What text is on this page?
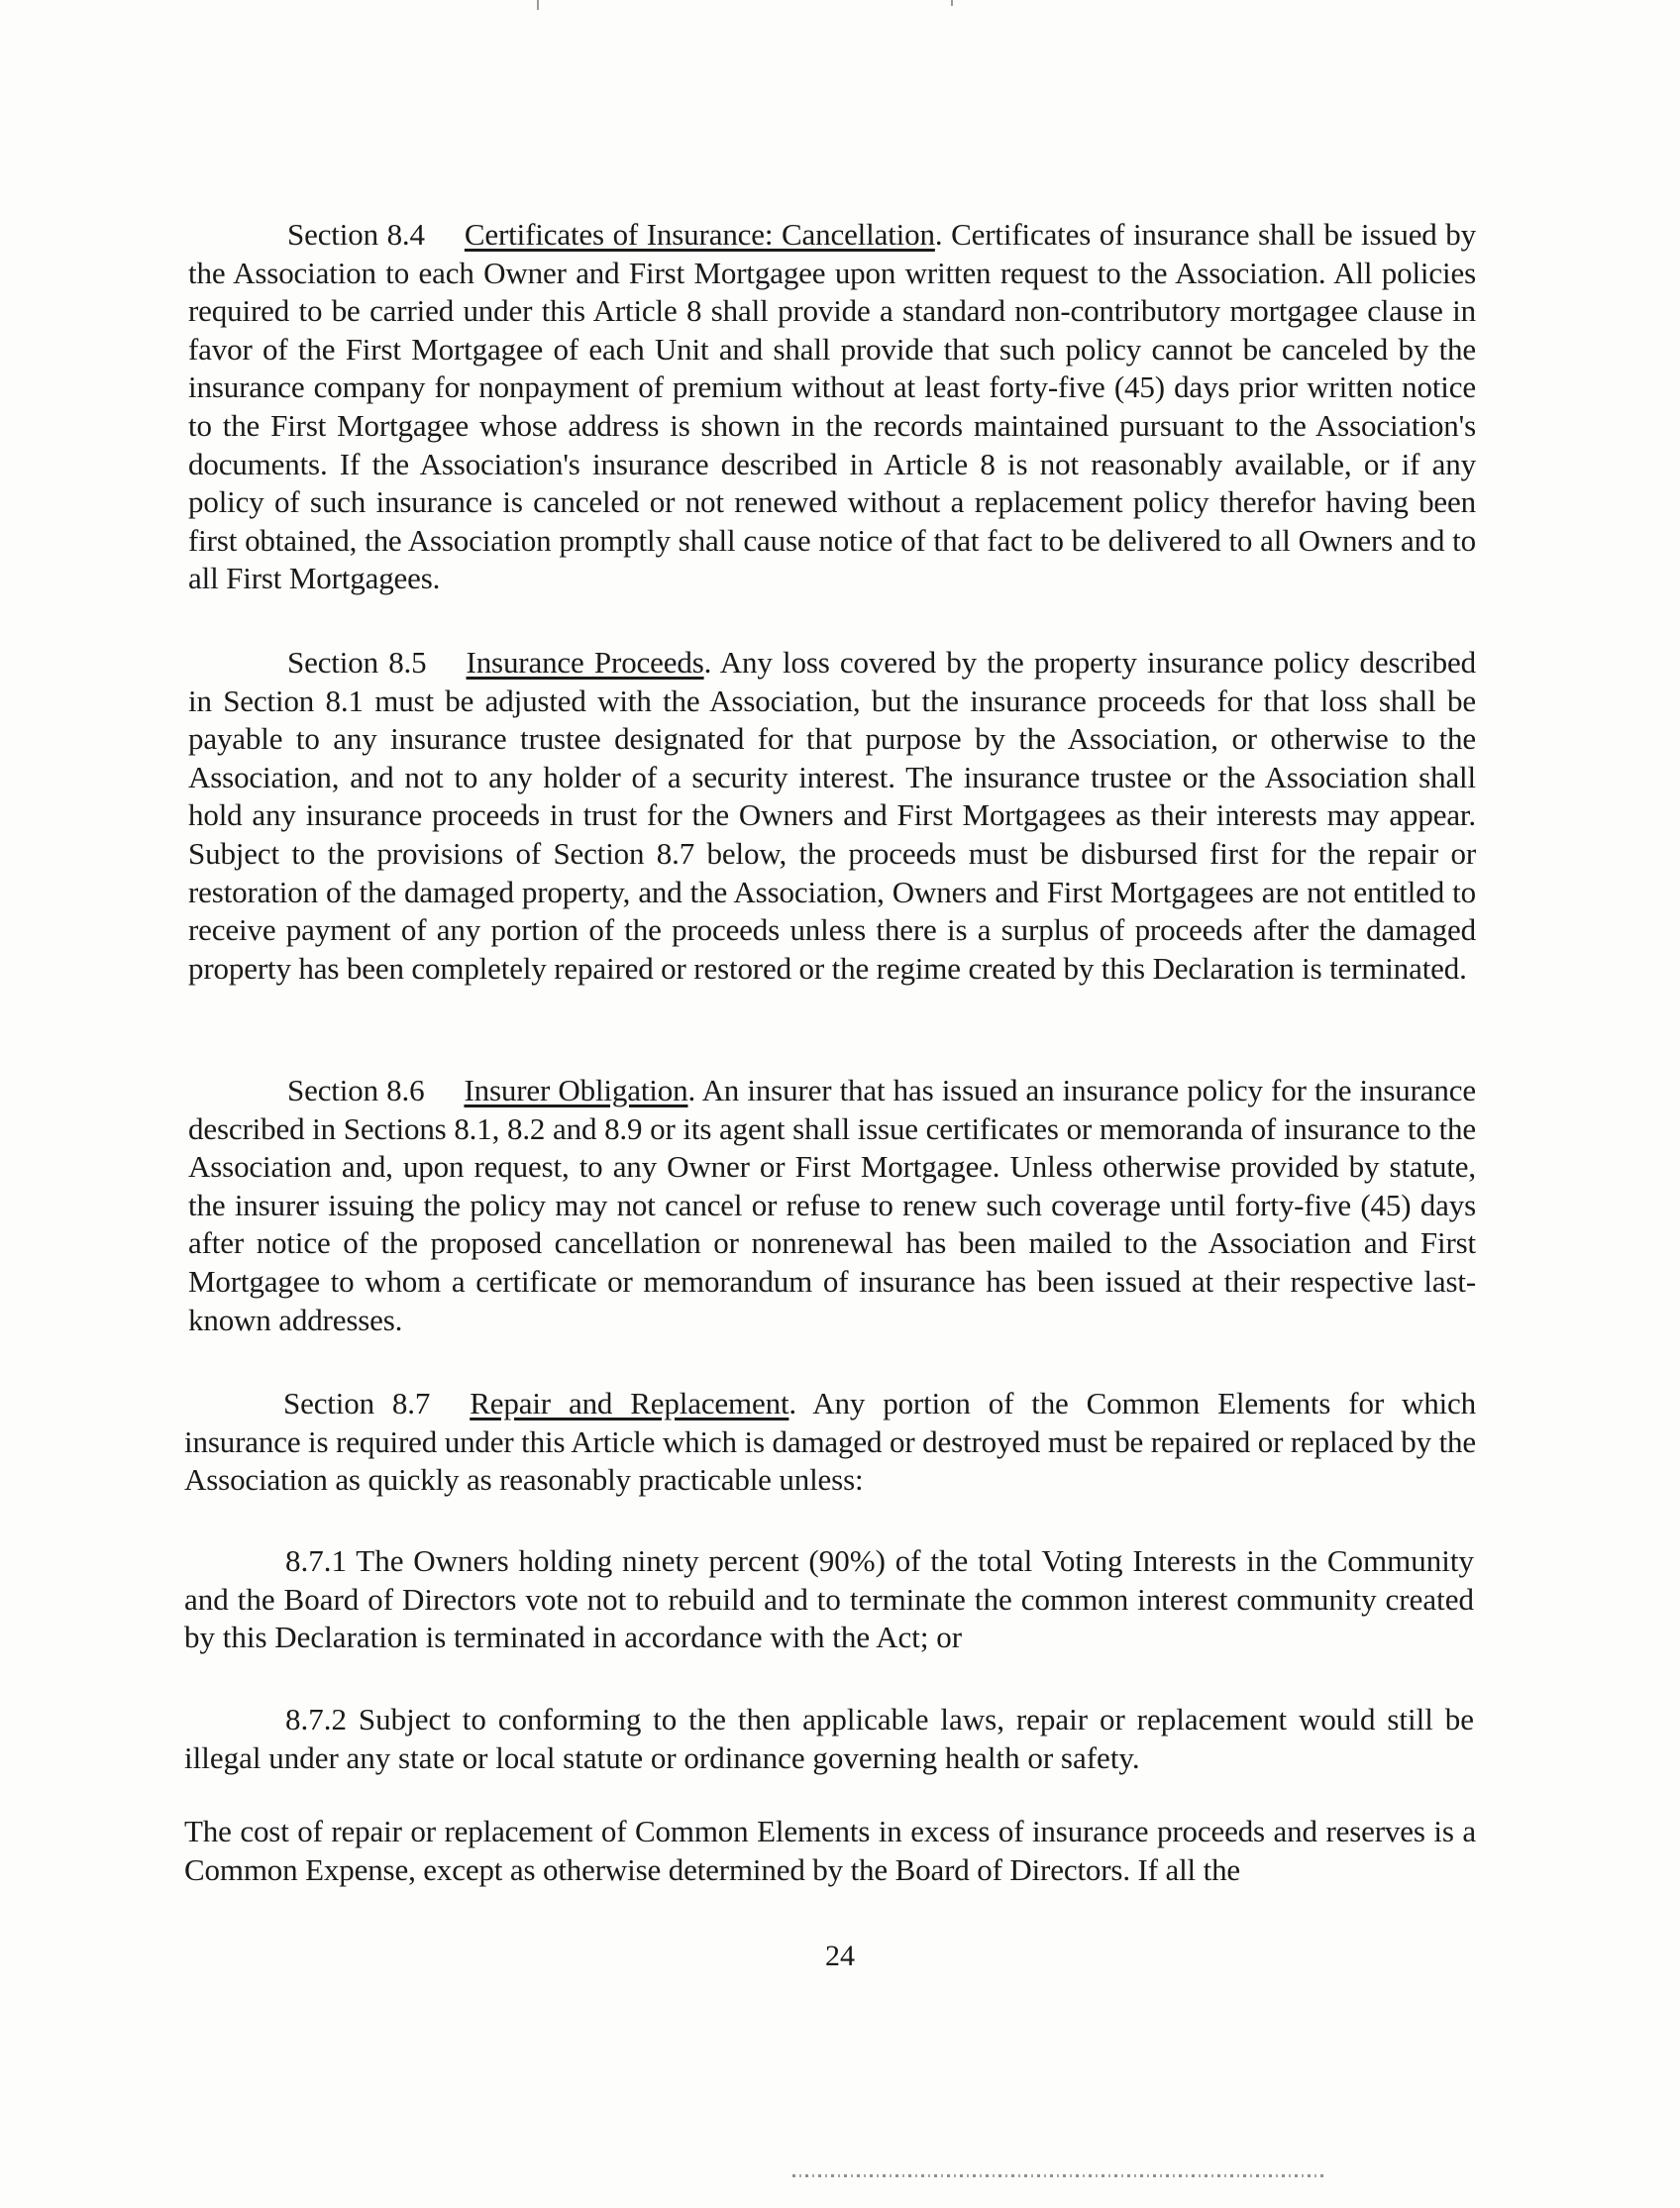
Section 8.4 Certificates of Insurance: Cancellation. Certificates of insurance shall be issued by the Association to each Owner and First Mortgagee upon written request to the Association. All policies required to be carried under this Article 8 shall provide a standard non-contributory mortgagee clause in favor of the First Mortgagee of each Unit and shall provide that such policy cannot be canceled by the insurance company for nonpayment of premium without at least forty-five (45) days prior written notice to the First Mortgagee whose address is shown in the records maintained pursuant to the Association's documents. If the Association's insurance described in Article 8 is not reasonably available, or if any policy of such insurance is canceled or not renewed without a replacement policy therefor having been first obtained, the Association promptly shall cause notice of that fact to be delivered to all Owners and to all First Mortgagees.
Section 8.5 Insurance Proceeds. Any loss covered by the property insurance policy described in Section 8.1 must be adjusted with the Association, but the insurance proceeds for that loss shall be payable to any insurance trustee designated for that purpose by the Association, or otherwise to the Association, and not to any holder of a security interest. The insurance trustee or the Association shall hold any insurance proceeds in trust for the Owners and First Mortgagees as their interests may appear. Subject to the provisions of Section 8.7 below, the proceeds must be disbursed first for the repair or restoration of the damaged property, and the Association, Owners and First Mortgagees are not entitled to receive payment of any portion of the proceeds unless there is a surplus of proceeds after the damaged property has been completely repaired or restored or the regime created by this Declaration is terminated.
Section 8.6 Insurer Obligation. An insurer that has issued an insurance policy for the insurance described in Sections 8.1, 8.2 and 8.9 or its agent shall issue certificates or memoranda of insurance to the Association and, upon request, to any Owner or First Mortgagee. Unless otherwise provided by statute, the insurer issuing the policy may not cancel or refuse to renew such coverage until forty-five (45) days after notice of the proposed cancellation or nonrenewal has been mailed to the Association and First Mortgagee to whom a certificate or memorandum of insurance has been issued at their respective last-known addresses.
Section 8.7 Repair and Replacement. Any portion of the Common Elements for which insurance is required under this Article which is damaged or destroyed must be repaired or replaced by the Association as quickly as reasonably practicable unless:
8.7.1 The Owners holding ninety percent (90%) of the total Voting Interests in the Community and the Board of Directors vote not to rebuild and to terminate the common interest community created by this Declaration is terminated in accordance with the Act; or
8.7.2 Subject to conforming to the then applicable laws, repair or replacement would still be illegal under any state or local statute or ordinance governing health or safety.
The cost of repair or replacement of Common Elements in excess of insurance proceeds and reserves is a Common Expense, except as otherwise determined by the Board of Directors. If all the
24
